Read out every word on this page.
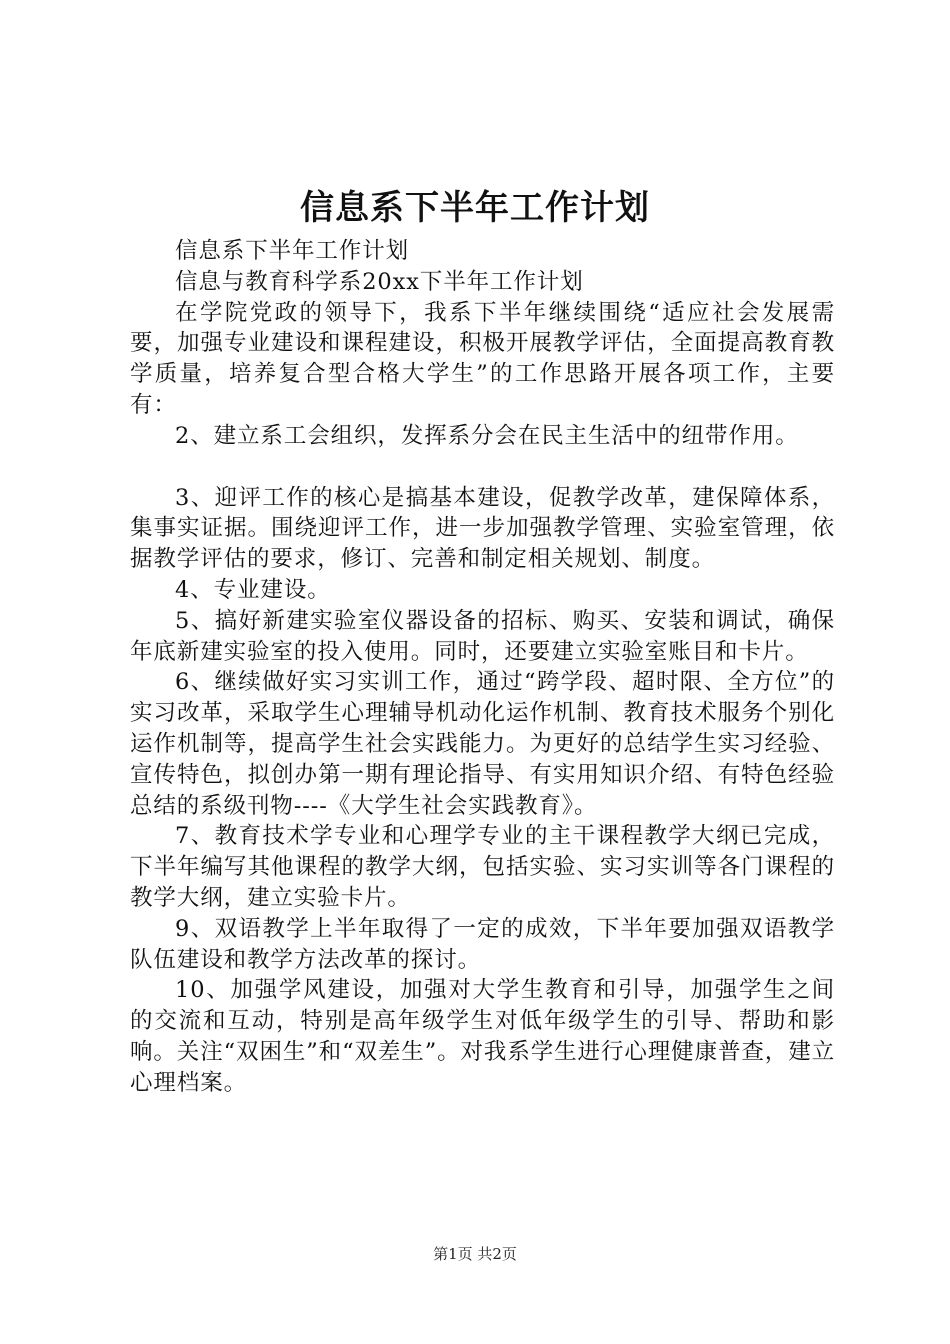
信息系下半年工作计划

信息系下半年工作计划

信息与教育科学系20xx下半年工作计划

在学院党政的领导下，我系下半年继续围绕“适应社会发展需要，加强专业建设和课程建设，积极开展教学评估，全面提高教育教学质量，培养复合型合格大学生”的工作思路开展各项工作，主要有：

2、建立系工会组织，发挥系分会在民主生活中的纽带作用。

3、迎评工作的核心是搞基本建设，促教学改革，建保障体系，集事实证据。围绕迎评工作，进一步加强教学管理、实验室管理，依据教学评估的要求，修订、完善和制定相关规划、制度。

4、专业建设。

5、搞好新建实验室仪器设备的招标、购买、安装和调试，确保年底新建实验室的投入使用。同时，还要建立实验室账目和卡片。

6、继续做好实习实训工作，通过“跨学段、超时限、全方位”的实习改革，采取学生心理辅导机动化运作机制、教育技术服务个别化运作机制等，提高学生社会实践能力。为更好的总结学生实习经验、宣传特色，拟创办第一期有理论指导、有实用知识介绍、有特色经验总结的系级刊物----《大学生社会实践教育》。

7、教育技术学专业和心理学专业的主干课程教学大纲已完成，下半年编写其他课程的教学大纲，包括实验、实习实训等各门课程的教学大纲，建立实验卡片。

9、双语教学上半年取得了一定的成效，下半年要加强双语教学队伍建设和教学方法改革的探讨。

10、加强学风建设，加强对大学生教育和引导，加强学生之间的交流和互动，特别是高年级学生对低年级学生的引导、帮助和影响。关注“双困生”和“双差生”。对我系学生进行心理健康普查，建立心理档案。

第1页 共2页
